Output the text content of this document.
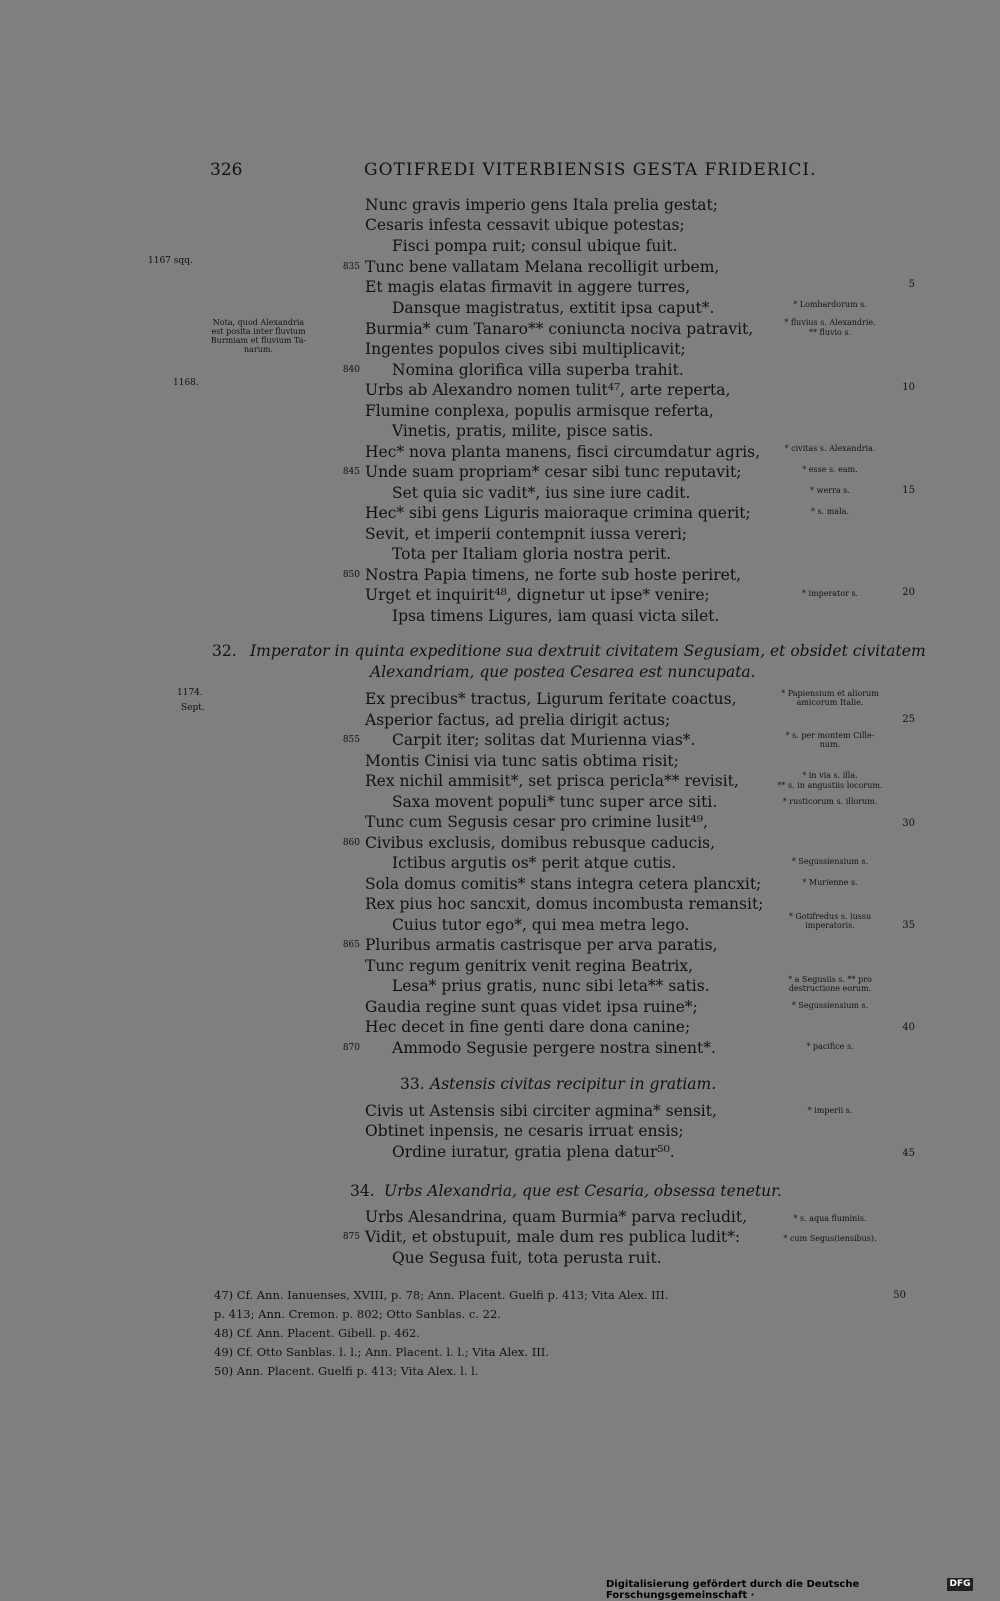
326	GOTIFREDI VITERBIENSIS GESTA FRIDERICI.
Nunc gravis imperio gens Itala prelia gestat;
Cesaris infesta cessavit ubique potestas;
Fisci pompa ruit; consul ubique fuit.
Tunc bene vallatam Melana recolligit urbem,
835
Et magis elatas firmavit in aggere turres,
Dansque magistratus, extitit ipsa caput*.
Burmia* cum Tanaro** coniuncta nociva patravit,
Ingentes populos cives sibi multiplicavit;
Nomina glorifica villa superba trahit.
840
Urbs ab Alexandro nomen tulit⁴⁷, arte reperta,
Flumine conplexa, populis armisque referta,
Vinetis, pratis, milite, pisce satis.
Hec* nova planta manens, fisci circumdatur agris,
Unde suam propriam* cesar sibi tunc reputavit;
845
Set quia sic vadit*, ius sine iure cadit.
Hec* sibi gens Liguris maioraque crimina querit;
Sevit, et imperii contempnit iussa vereri;
Tota per Italiam gloria nostra perit.
Nostra Papia timens, ne forte sub hoste periret,
850
Urget et inquirit⁴⁸, dignetur ut ipse* venire;
Ipsa timens Ligures, iam quasi victa silet.
Ex precibus* tractus, Ligurum feritate coactus,
Asperior factus, ad prelia dirigit actus;
Carpit iter; solitas dat Murienna vias*.
855
Montis Cinisi via tunc satis obtima risit;
Rex nichil ammisit*, set prisca pericla** revisit,
Saxa movent populi* tunc super arce siti.
Tunc cum Segusis cesar pro crimine lusit⁴⁹,
Civibus exclusis, domibus rebusque caducis,
860
Ictibus argutis os* perit atque cutis.
Sola domus comitis* stans integra cetera plancxit;
Rex pius hoc sancxit, domus incombusta remansit;
Cuius tutor ego*, qui mea metra lego.
Pluribus armatis castrisque per arva paratis,
865
Tunc regum genitrix venit regina Beatrix,
Lesa* prius gratis, nunc sibi leta** satis.
Gaudia regine sunt quas videt ipsa ruine*;
Hec decet in fine genti dare dona canine;
Ammodo Segusie pergere nostra sinent*.
870
Civis ut Astensis sibi circiter agmina* sensit,
Obtinet inpensis, ne cesaris irruat ensis;
Ordine iuratur, gratia plena datur⁵⁰.
Urbs Alesandrina, quam Burmia* parva recludit,
Vidit, et obstupuit, male dum res publica ludit*:
875
Que Segusa fuit, tota perusta ruit.
32. Imperator in quinta expeditione sua dextruit civitatem Segusiam, et obsidet civitatem
Alexandriam, que postea Cesarea est nuncupata.
33. Astensis civitas recipitur in gratiam.
34. Urbs Alexandria, que est Cesaria, obsessa tenetur.
1167 sqq.
1168.
1174.
Sept.
Nota, quod Alexandria
est posita inter fluvium
Burmiam et fluvium Ta-
narum.
* Lombardorum s.
* fluvius s. Alexandrie.
** fluvio s.
* civitas s. Alexandria.
* esse s. eam.
* werra s.
* s. mala.
* imperator s.
* Papiensium et aliorum
amicorum Italie.
* s. per montem Cille-
num.
* in via s. illa.
** s. in angustiis locorum.
* rusticorum s. illorum.
* Segussiensium s.
* Murienne s.
* Gotifredus s. iussu
imperatoris.
* a Segusiis s. ** pro
destructione eorum.
* Segussiensium s.
* pacifice s.
* imperii s.
* s. aqua fluminis.
* cum Segus(iensibus).
5
10
15
20
25
30
35
40
45
47) Cf. Ann. Ianuenses, XVIII, p. 78; Ann. Placent. Guelfi p. 413; Vita Alex. III.	50
p. 413; Ann. Cremon. p. 802; Otto Sanblas. c. 22.
48) Cf. Ann. Placent. Gibell. p. 462.
49) Cf. Otto Sanblas. l. l.; Ann. Placent. l. l.; Vita Alex. III.
50) Ann. Placent. Guelfi p. 413; Vita Alex. l. l.
Digitalisierung gefördert durch die Deutsche Forschungsgemeinschaft ·
DFG
